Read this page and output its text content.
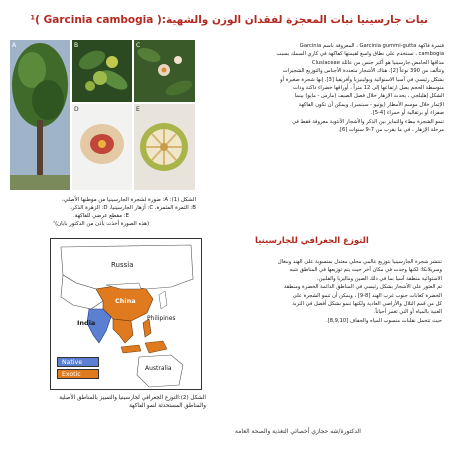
نبات جارسينيا نبات المعجزة لفقدان الوزن والشهية:( Garcinia cambogia )¹
فتمرة فاكهة Garcinia gummi-gutta ، المعروفة باسم Garcinia
cambogia ، تستخدم على نطاق واسع لقيمتها كفاكهة في كاري السمك بسبب
مذاقها الحامض.جارسينيا هو أكبر جنس من عائلة Clusiaceae
وتتألف من 390 نوعاً [2]. هناك الأشجار متعددة الأجناس والتوزيع الشجيرات
بشكل رئيسي في آسيا الاستوائية وبولينيزيا وأفريقيا [3]. إنها شجرة صغيرة أو
متوسطة الحجم يصل ارتفاعها إلى 12 متراً ، أوراقها خضراء داكنة وذات
الشكل إهليلجي ، يحدث الإزهار خلال فصل الصيف (مارس - مايو) بينما
الإثمار خلال موسم الأمطار (يونيو - سبتمبر)، ويمكن أن تكون الفاكهة
صفراء أو برتقالية أو حمراء [4-5].
تنمو الشجرة ببطء والتمايز بين الذكر والأشجار الأنثوية معروفة فقط في
مرحلة الإزهار ، في ما يقرب من 7-9 سنوات [6].
A	B	C
D	E
الشكل (1): A: صورة لشجرة الجارسينيا من موطنها الأصلي،
B: الثمرة المثمرة، C: أزهار الجارسينيا، D: الزهرة الذكر،
E: مقطع عرضي للفاكهة.
(هذه الصورة أخذت بأذن من الدكتور بابان)⁷
التوزع الجغرافي للجارسينيا
تنتشر شجرة الجارسينيا بتوزيع عالمي محلي معتدل بمنسوبة على الهند وبنغال
وسريلانكا؛ لكنها وجدت في مكان آخر حيث يتم توزيعها في المناطق شبه
الاستوائية منطقة آسيا بما في ذلك الصين وماليزيا والفلبين.
تم العثور على الأشجار بشكل رئيسي في المناطق الدائمة الخضرة ومنطقة
الخضرة كغابات جنوب غرب الهند [8-9] ، ويمكن أن تنمو الشجرة على
كل من قمم التلال والأراضي العادية ولكنها تنمو بشكل أفضل في التربة
الغنية بالمياه أو التي تغمر أحياناً.
حيث تتحمل نقلبات منسوب المياه والجفاف [8,9,10].
Russia
China
India
Philipines
Australia
Native
Exotic
الشكل (2):التوزع الجغرافي لجارسينيا والتمييز بالمناطق الأصلية
والمناطق المستحدثة لنمو الفاكهة
الدكتورة/شه حجازي أخصائي التغذية والصحة العامة
